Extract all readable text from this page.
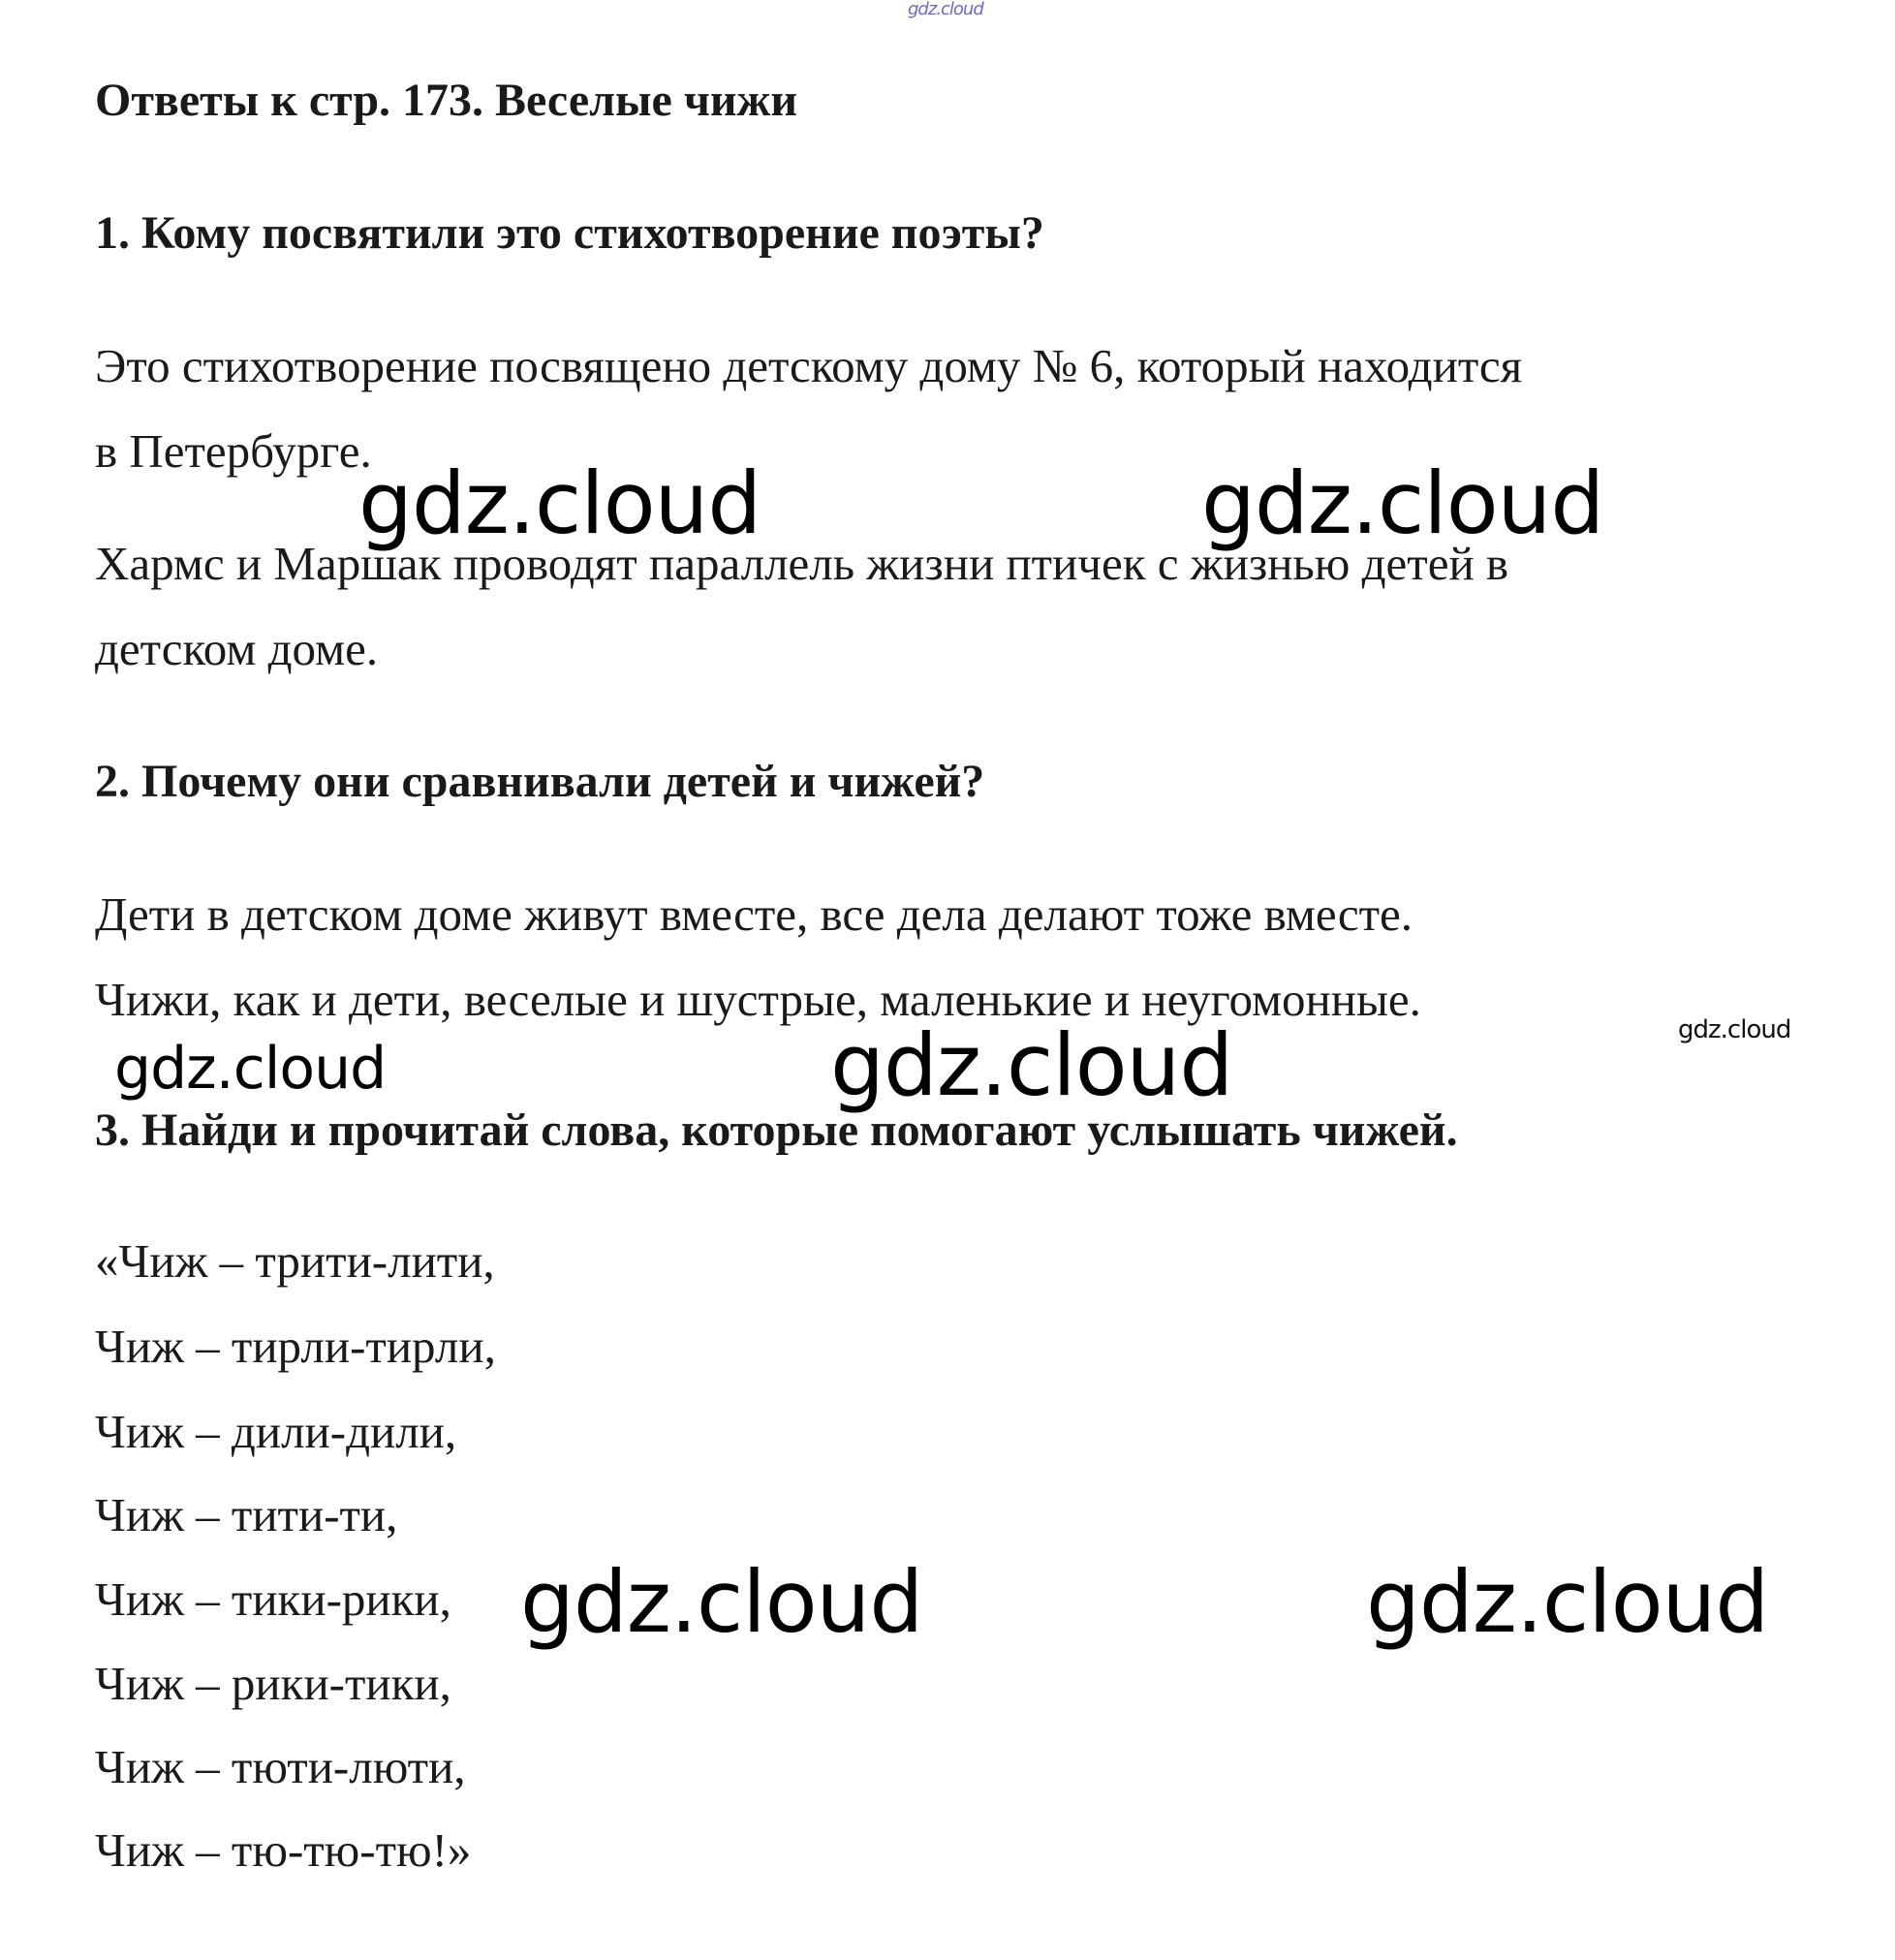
gdz.cloud
Ответы к стр. 173. Веселые чижи
1. Кому посвятили это стихотворение поэты?

Это стихотворение посвящено детскому дому № 6, который находится

в Петербурге.

Хармс и Маршак проводят параллель жизни птичек с жизнью детей в

детском доме.

2. Почему они сравнивали детей и чижей?

Дети в детском доме живут вместе, все дела делают тоже вместе.

Чижи, как и дети, веселые и шустрые, маленькие и неугомонные.

3. Найди и прочитай слова, которые помогают услышать чижей.

«Чиж – трити-лити,

Чиж – тирли-тирли,

Чиж – дили-дили,

Чиж – тити-ти,

Чиж – тики-рики,

Чиж – рики-тики,

Чиж – тюти-люти,

Чиж – тю-тю-тю!»

gdz.cloud	gdz.cloud
gdz.cloud	gdz.cloud	gdz.cloud
gdz.cloud	gdz.cloud
